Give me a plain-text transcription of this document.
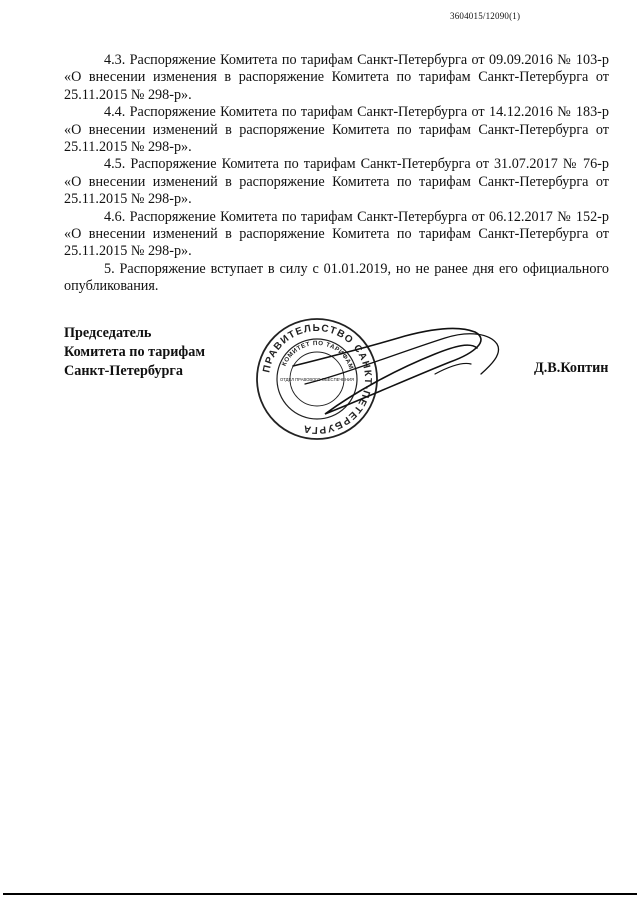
3604015/12090(1)

4.3. Распоряжение Комитета по тарифам Санкт-Петербурга от 09.09.2016 № 103-р «О внесении изменения в распоряжение Комитета по тарифам Санкт-Петербурга от 25.11.2015 № 298-р».

4.4. Распоряжение Комитета по тарифам Санкт-Петербурга от 14.12.2016 № 183-р «О внесении изменений в распоряжение Комитета по тарифам Санкт-Петербурга от 25.11.2015 № 298-р».

4.5. Распоряжение Комитета по тарифам Санкт-Петербурга от 31.07.2017 № 76-р «О внесении изменений в распоряжение Комитета по тарифам Санкт-Петербурга от 25.11.2015 № 298-р».

4.6. Распоряжение Комитета по тарифам Санкт-Петербурга от 06.12.2017 № 152-р «О внесении изменений в распоряжение Комитета по тарифам Санкт-Петербурга от 25.11.2015 № 298-р».

5. Распоряжение вступает в силу с 01.01.2019, но не ранее дня его официального опубликования.

Председатель
Комитета по тарифам
Санкт-Петербурга	Д.В.Коптин
ПРАВИТЕЛЬСТВО САНКТ-ПЕТЕРБУРГА
КОМИТЕТ ПО ТАРИФАМ
ОТДЕЛ ПРАВОВОГО ОБЕСПЕЧЕНИЯ
